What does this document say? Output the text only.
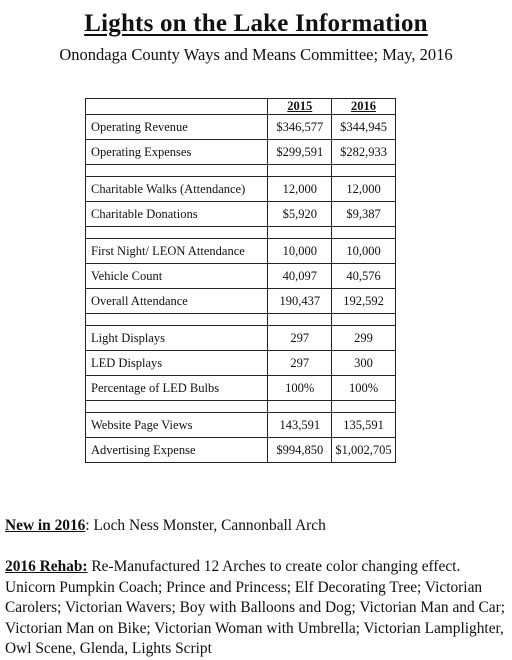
Lights on the Lake Information
Onondaga County Ways and Means Committee; May, 2016
	2015	2016
Operating Revenue	$346,577	$344,945
Operating Expenses	$299,591	$282,933

Charitable Walks (Attendance)	12,000	12,000
Charitable Donations	$5,920	$9,387

First Night/ LEON Attendance	10,000	10,000
Vehicle Count	40,097	40,576
Overall Attendance	190,437	192,592

Light Displays	297	299
LED Displays	297	300
Percentage of LED Bulbs	100%	100%

Website Page Views	143,591	135,591
Advertising Expense	$994,850	$1,002,705
New in 2016: Loch Ness Monster, Cannonball Arch
2016 Rehab: Re-Manufactured 12 Arches to create color changing effect. Unicorn Pumpkin Coach; Prince and Princess; Elf Decorating Tree; Victorian Carolers; Victorian Wavers; Boy with Balloons and Dog; Victorian Man and Car; Victorian Man on Bike; Victorian Woman with Umbrella; Victorian Lamplighter, Owl Scene, Glenda, Lights Script
